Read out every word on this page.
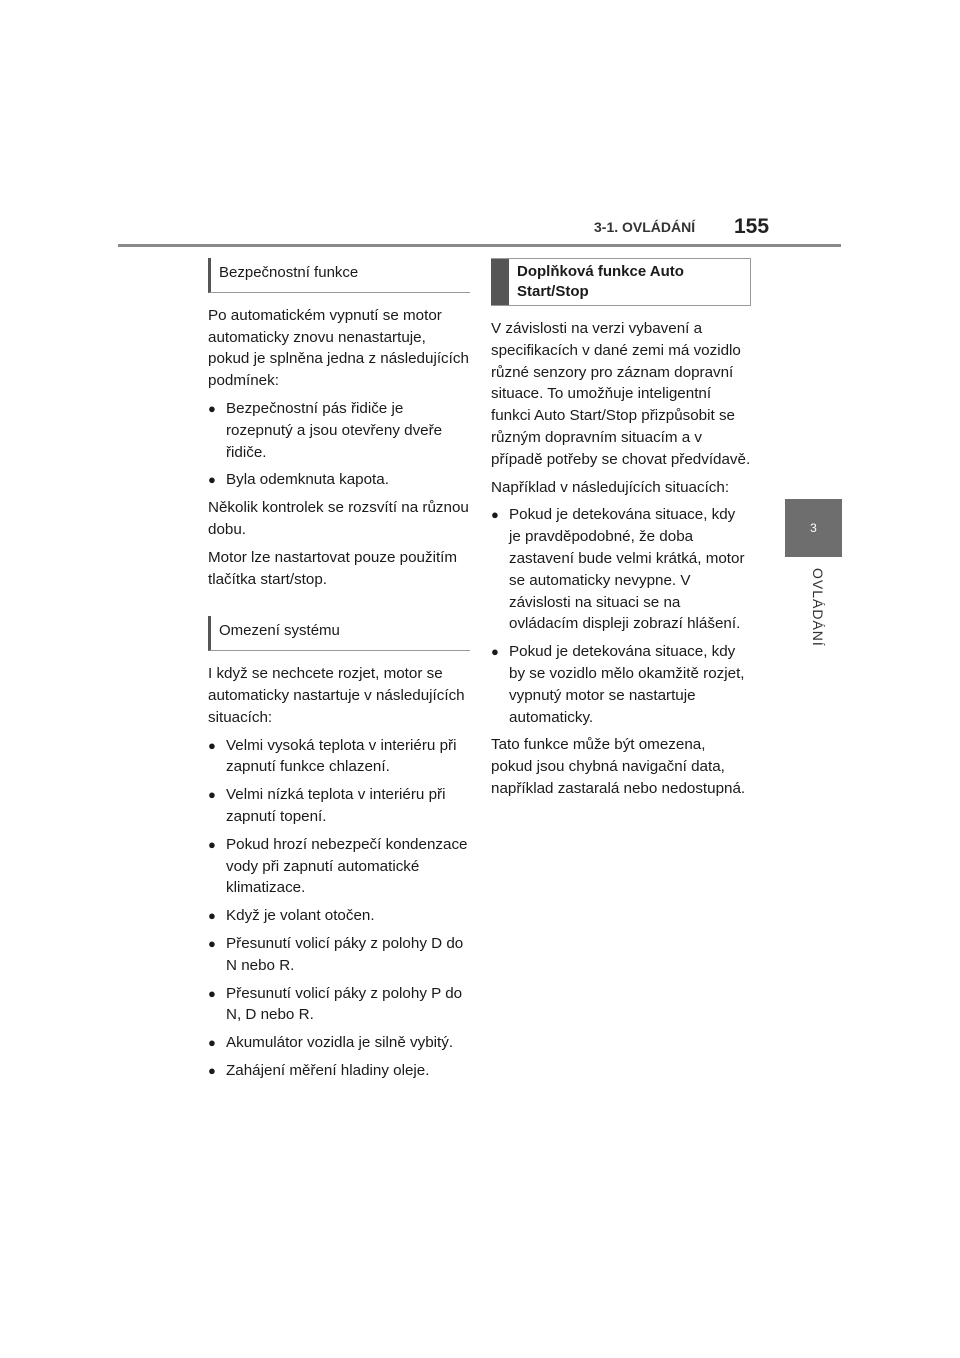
3-1. OVLÁDÁNÍ 155
3
OVLÁDÁNÍ
Bezpečnostní funkce

Po automatickém vypnutí se motor automaticky znovu nenastartuje, pokud je splněna jedna z následujících podmínek:

● Bezpečnostní pás řidiče je rozepnutý a jsou otevřeny dveře řidiče.
● Byla odemknuta kapota.

Několik kontrolek se rozsvítí na různou dobu.

Motor lze nastartovat pouze použitím tlačítka start/stop.

Omezení systému

I když se nechcete rozjet, motor se automaticky nastartuje v následujících situacích:

● Velmi vysoká teplota v interiéru při zapnutí funkce chlazení.
● Velmi nízká teplota v interiéru při zapnutí topení.
● Pokud hrozí nebezpečí kondenzace vody při zapnutí automatické klimatizace.
● Když je volant otočen.
● Přesunutí volicí páky z polohy D do N nebo R.
● Přesunutí volicí páky z polohy P do N, D nebo R.
● Akumulátor vozidla je silně vybitý.
● Zahájení měření hladiny oleje.
Doplňková funkce Auto Start/Stop

V závislosti na verzi vybavení a specifikacích v dané zemi má vozidlo různé senzory pro záznam dopravní situace. To umožňuje inteligentní funkci Auto Start/Stop přizpůsobit se různým dopravním situacím a v případě potřeby se chovat předvídavě.

Například v následujících situacích:

● Pokud je detekována situace, kdy je pravděpodobné, že doba zastavení bude velmi krátká, motor se automaticky nevypne. V závislosti na situaci se na ovládacím displeji zobrazí hlášení.
● Pokud je detekována situace, kdy by se vozidlo mělo okamžitě rozjet, vypnutý motor se nastartuje automaticky.

Tato funkce může být omezena, pokud jsou chybná navigační data, například zastaralá nebo nedostupná.
